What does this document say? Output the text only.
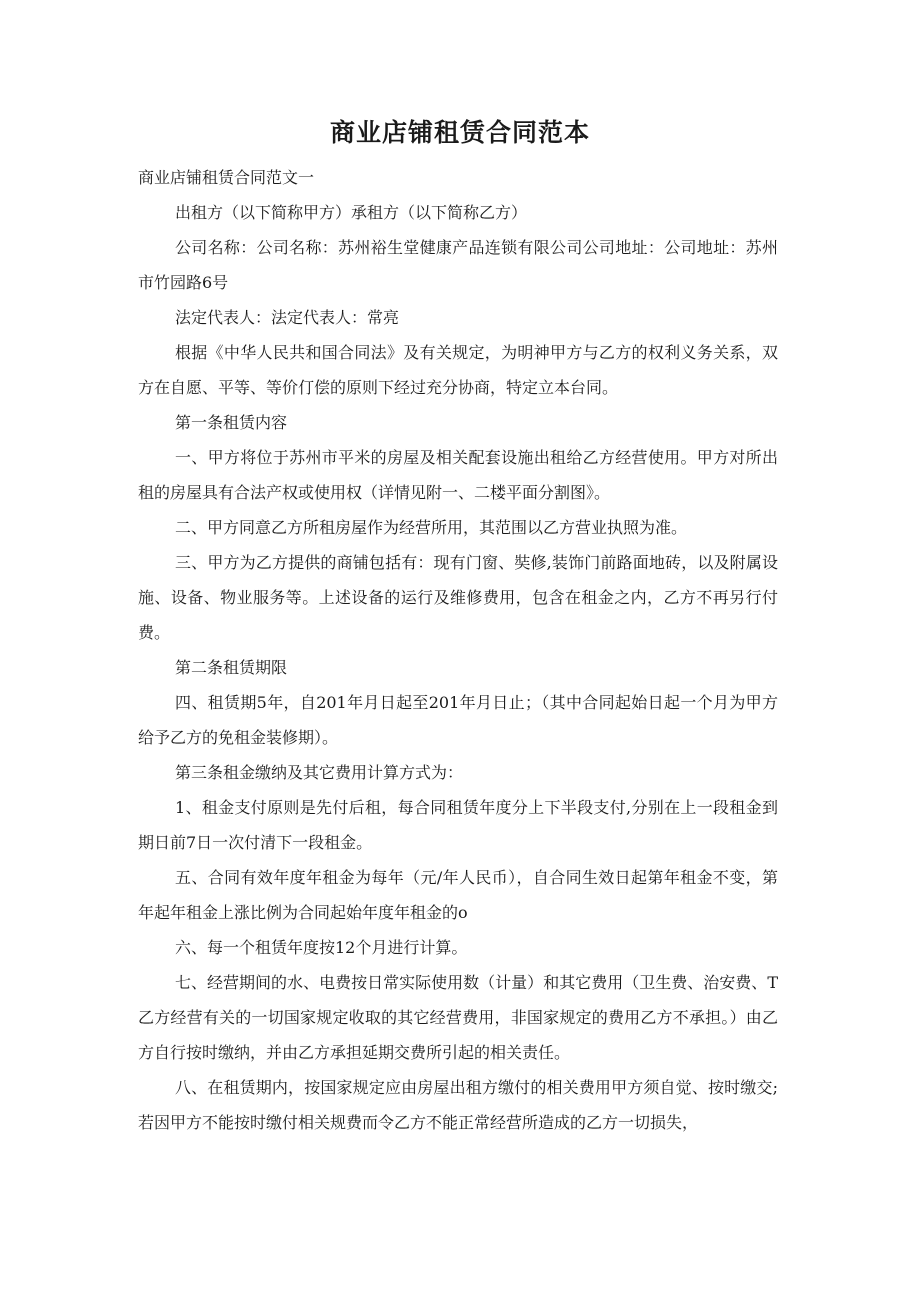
商业店铺租赁合同范本

商业店铺租赁合同范文一

出租方（以下简称甲方）承租方（以下简称乙方）

公司名称：公司名称：苏州裕生堂健康产品连锁有限公司公司地址：公司地址：苏州市竹园路6号

法定代表人：法定代表人：常亮

根据《中华人民共和国合同法》及有关规定，为明神甲方与乙方的权利义务关系，双方在自愿、平等、等价仃偿的原则下经过充分协商，特定立本台同。

第一条租赁内容

一、甲方将位于苏州市平米的房屋及相关配套设施出租给乙方经营使用。甲方对所出租的房屋具有合法产权或使用权（详情见附一、二楼平面分割图》。

二、甲方同意乙方所租房屋作为经营所用，其范围以乙方营业执照为准。

三、甲方为乙方提供的商铺包括有：现有门窗、奘修,装饰门前路面地砖，以及附属设施、设备、物业服务等。上述设备的运行及维修费用，包含在租金之内，乙方不再另行付费。

第二条租赁期限

四、租赁期5年，自201年月日起至201年月日止；（其中合同起始日起一个月为甲方给予乙方的免租金装修期）。

第三条租金缴纳及其它费用计算方式为：

1、租金支付原则是先付后租，每合同租赁年度分上下半段支付,分别在上一段租金到期日前7日一次付清下一段租金。

五、合同有效年度年租金为每年（元/年人民币），自合同生效日起第年租金不变，第年起年租金上涨比例为合同起始年度年租金的o

六、每一个租赁年度按12个月进行计算。

七、经营期间的水、电费按日常实际使用数（计量）和其它费用（卫生费、治安费、T乙方经营有关的一切国家规定收取的其它经营费用，非国家规定的费用乙方不承担。）由乙方自行按时缴纳，并由乙方承担延期交费所引起的相关责任。

八、在租赁期内，按国家规定应由房屋出租方缴付的相关费用甲方须自觉、按时缴交;若因甲方不能按时缴付相关规费而令乙方不能正常经营所造成的乙方一切损失，
